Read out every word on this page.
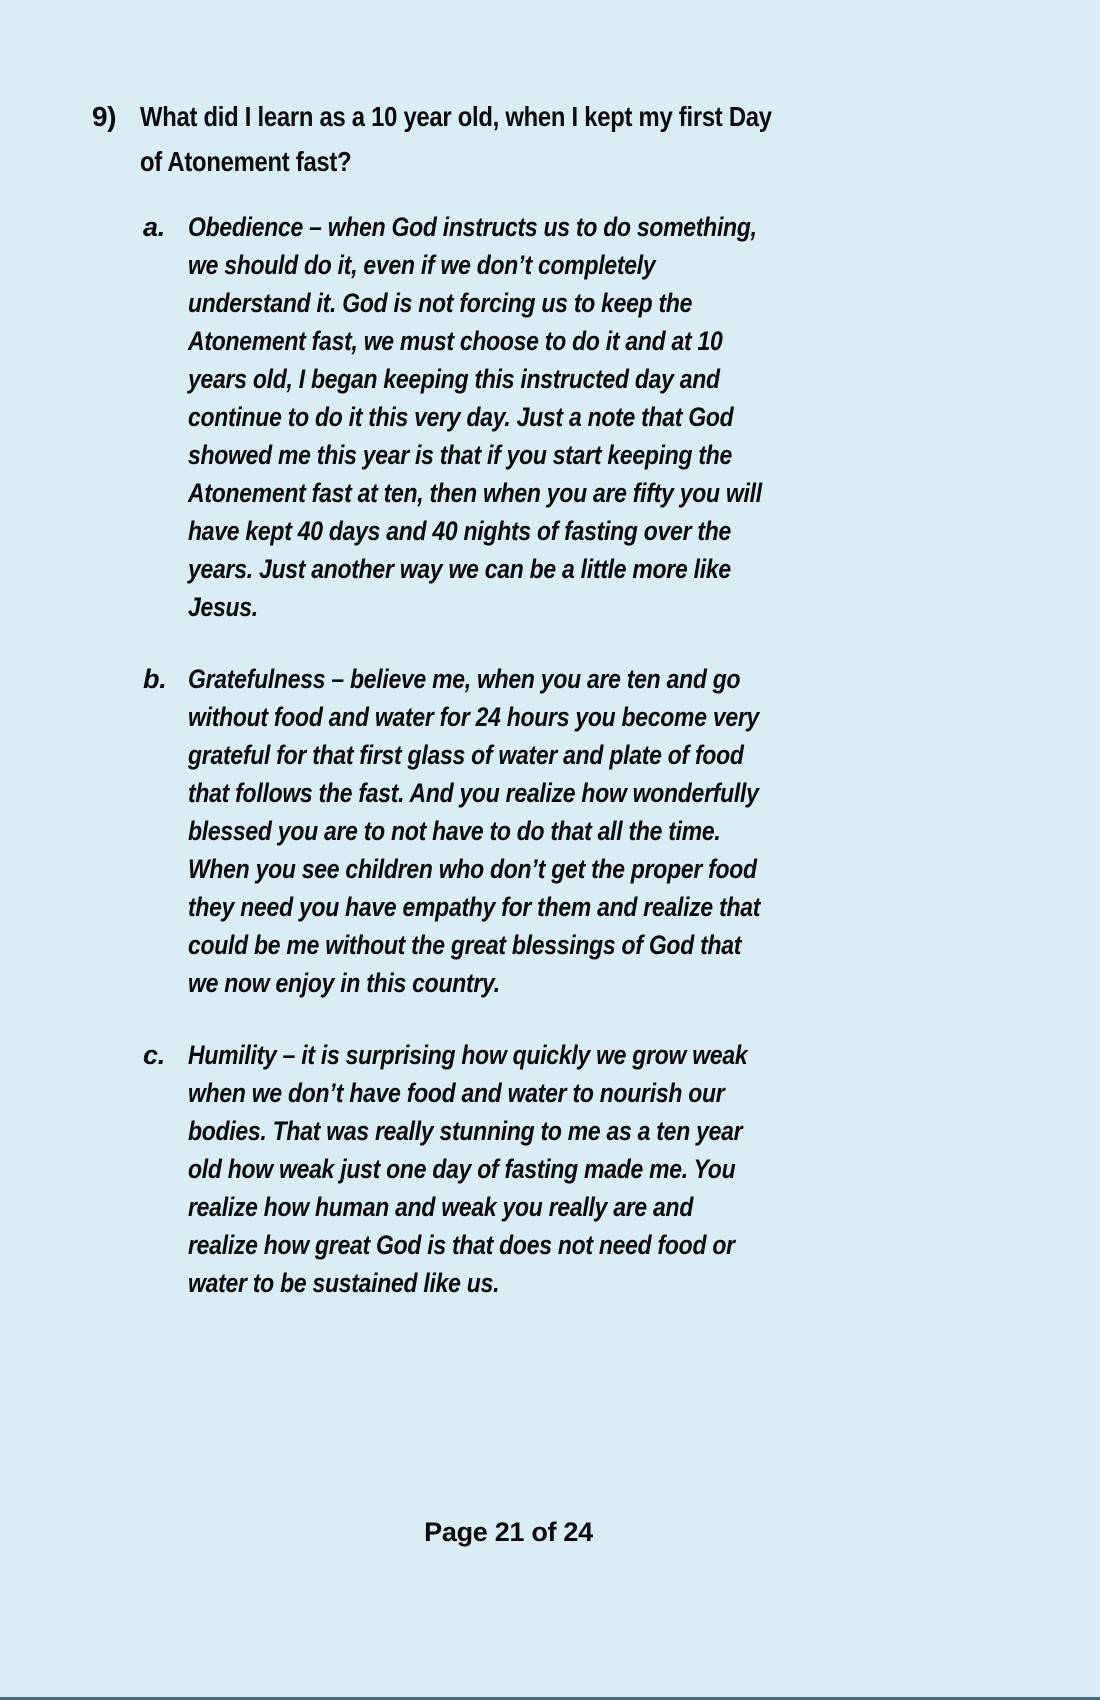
9) What did I learn as a 10 year old, when I kept my first Day
of Atonement fast?
a. Obedience – when God instructs us to do something,
we should do it, even if we don’t completely
understand it. God is not forcing us to keep the
Atonement fast, we must choose to do it and at 10
years old, I began keeping this instructed day and
continue to do it this very day. Just a note that God
showed me this year is that if you start keeping the
Atonement fast at ten, then when you are fifty you will
have kept 40 days and 40 nights of fasting over the
years. Just another way we can be a little more like
Jesus.
b. Gratefulness – believe me, when you are ten and go
without food and water for 24 hours you become very
grateful for that first glass of water and plate of food
that follows the fast. And you realize how wonderfully
blessed you are to not have to do that all the time.
When you see children who don’t get the proper food
they need you have empathy for them and realize that
could be me without the great blessings of God that
we now enjoy in this country.
c. Humility – it is surprising how quickly we grow weak
when we don’t have food and water to nourish our
bodies. That was really stunning to me as a ten year
old how weak just one day of fasting made me. You
realize how human and weak you really are and
realize how great God is that does not need food or
water to be sustained like us.
Page 21 of 24
